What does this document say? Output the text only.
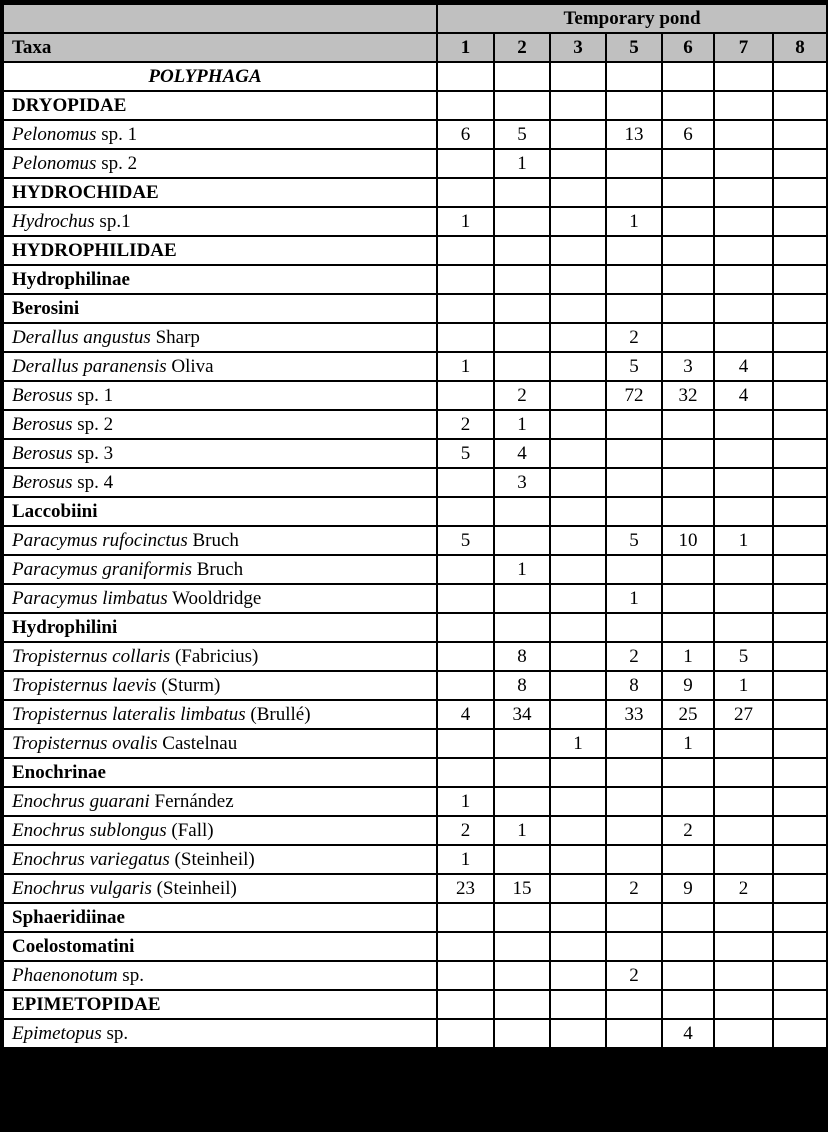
	Temporary pond						
Taxa	1	2	3	5	6	7	8
POLYPHAGA							
DRYOPIDAE							
Pelonomus sp. 1	6	5		13	6		
Pelonomus sp. 2		1					
HYDROCHIDAE							
Hydrochus sp.1	1			1			
HYDROPHILIDAE							
Hydrophilinae							
Berosini							
Derallus angustus Sharp				2			
Derallus paranensis Oliva	1			5	3	4	
Berosus sp. 1		2		72	32	4	
Berosus sp. 2	2	1					
Berosus sp. 3	5	4					
Berosus sp. 4		3					
Laccobiini							
Paracymus rufocinctus Bruch	5			5	10	1	
Paracymus graniformis Bruch		1					
Paracymus limbatus Wooldridge				1			
Hydrophilini							
Tropisternus collaris (Fabricius)		8		2	1	5	
Tropisternus laevis (Sturm)		8		8	9	1	
Tropisternus lateralis limbatus (Brullé)	4	34		33	25	27	
Tropisternus ovalis Castelnau			1		1		
Enochrinae							
Enochrus guarani Fernández	1						
Enochrus sublongus (Fall)	2	1			2		
Enochrus variegatus (Steinheil)	1						
Enochrus vulgaris (Steinheil)	23	15		2	9	2	
Sphaeridiinae							
Coelostomatini							
Phaenonotum sp.				2			
EPIMETOPIDAE							
Epimetopus sp.					4		
